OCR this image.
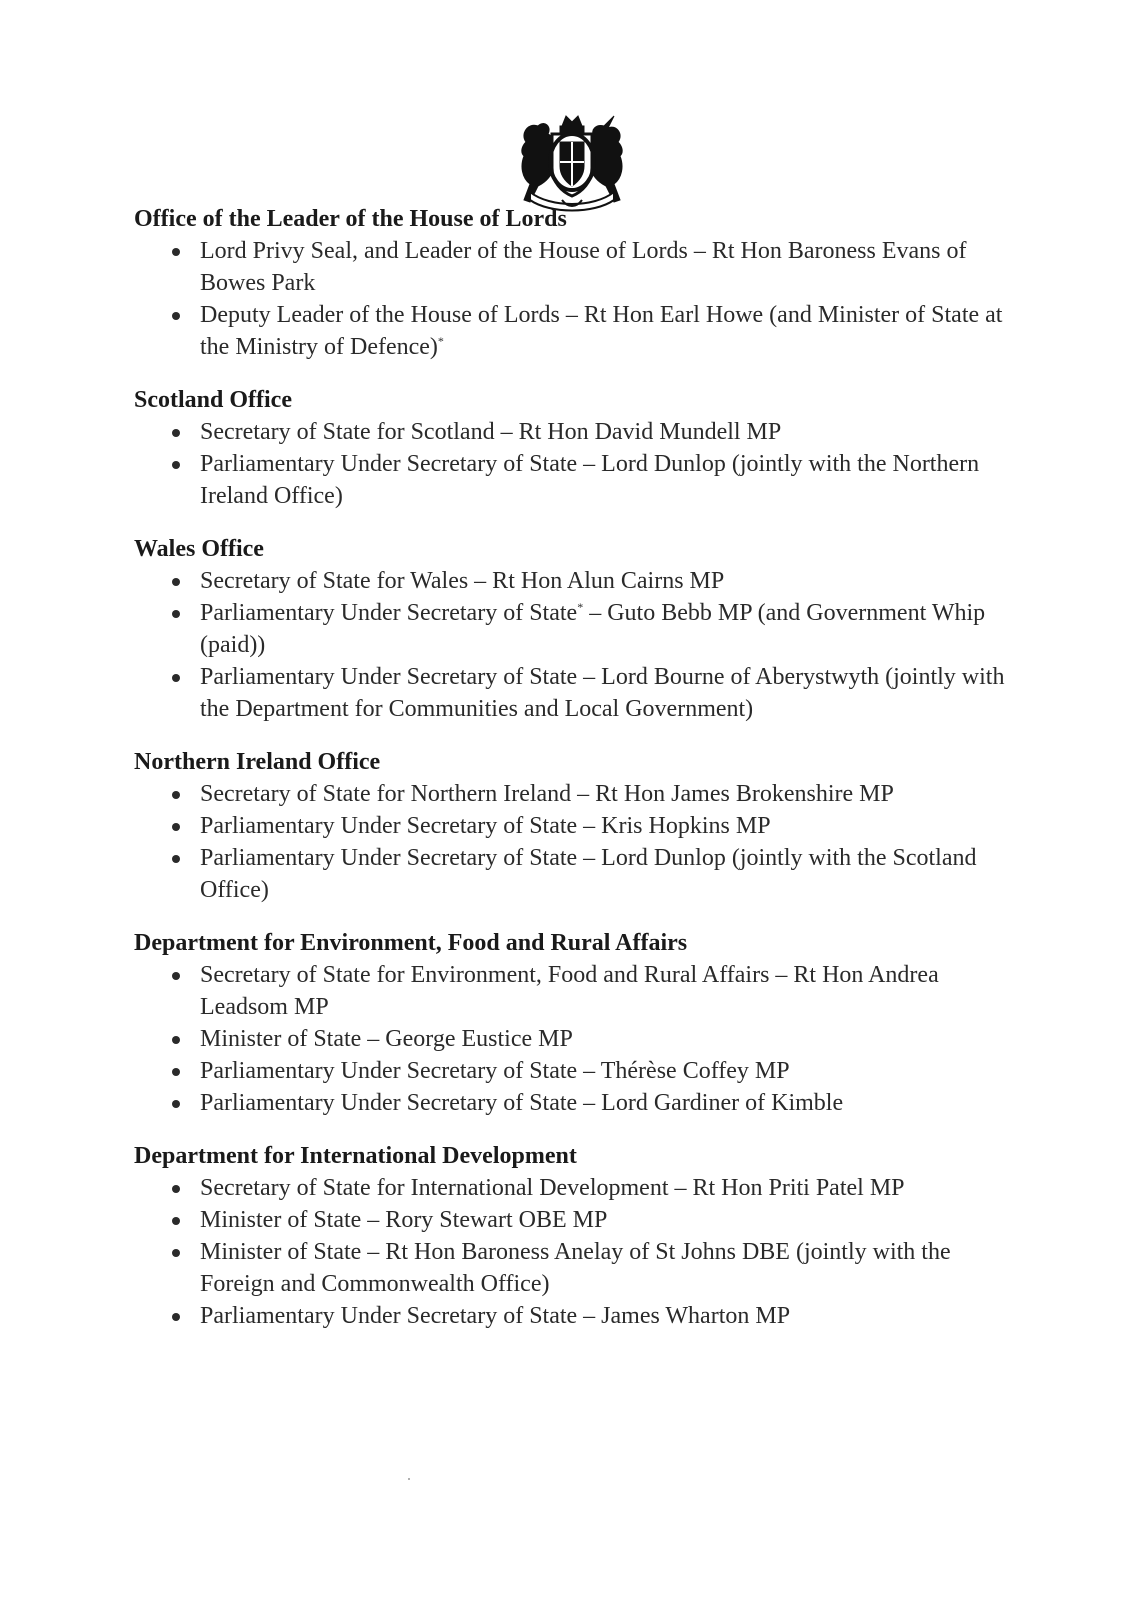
Office of the Leader of the House of Lords
Lord Privy Seal, and Leader of the House of Lords – Rt Hon Baroness Evans of Bowes Park
Deputy Leader of the House of Lords – Rt Hon Earl Howe (and Minister of State at the Ministry of Defence)*
Scotland Office
Secretary of State for Scotland – Rt Hon David Mundell MP
Parliamentary Under Secretary of State – Lord Dunlop (jointly with the Northern Ireland Office)
Wales Office
Secretary of State for Wales – Rt Hon Alun Cairns MP
Parliamentary Under Secretary of State* – Guto Bebb MP (and Government Whip (paid))
Parliamentary Under Secretary of State – Lord Bourne of Aberystwyth (jointly with the Department for Communities and Local Government)
Northern Ireland Office
Secretary of State for Northern Ireland – Rt Hon James Brokenshire MP
Parliamentary Under Secretary of State – Kris Hopkins MP
Parliamentary Under Secretary of State – Lord Dunlop (jointly with the Scotland Office)
Department for Environment, Food and Rural Affairs
Secretary of State for Environment, Food and Rural Affairs – Rt Hon Andrea Leadsom MP
Minister of State – George Eustice MP
Parliamentary Under Secretary of State – Thérèse Coffey MP
Parliamentary Under Secretary of State – Lord Gardiner of Kimble
Department for International Development
Secretary of State for International Development – Rt Hon Priti Patel MP
Minister of State – Rory Stewart OBE MP
Minister of State – Rt Hon Baroness Anelay of St Johns DBE (jointly with the Foreign and Commonwealth Office)
Parliamentary Under Secretary of State – James Wharton MP
